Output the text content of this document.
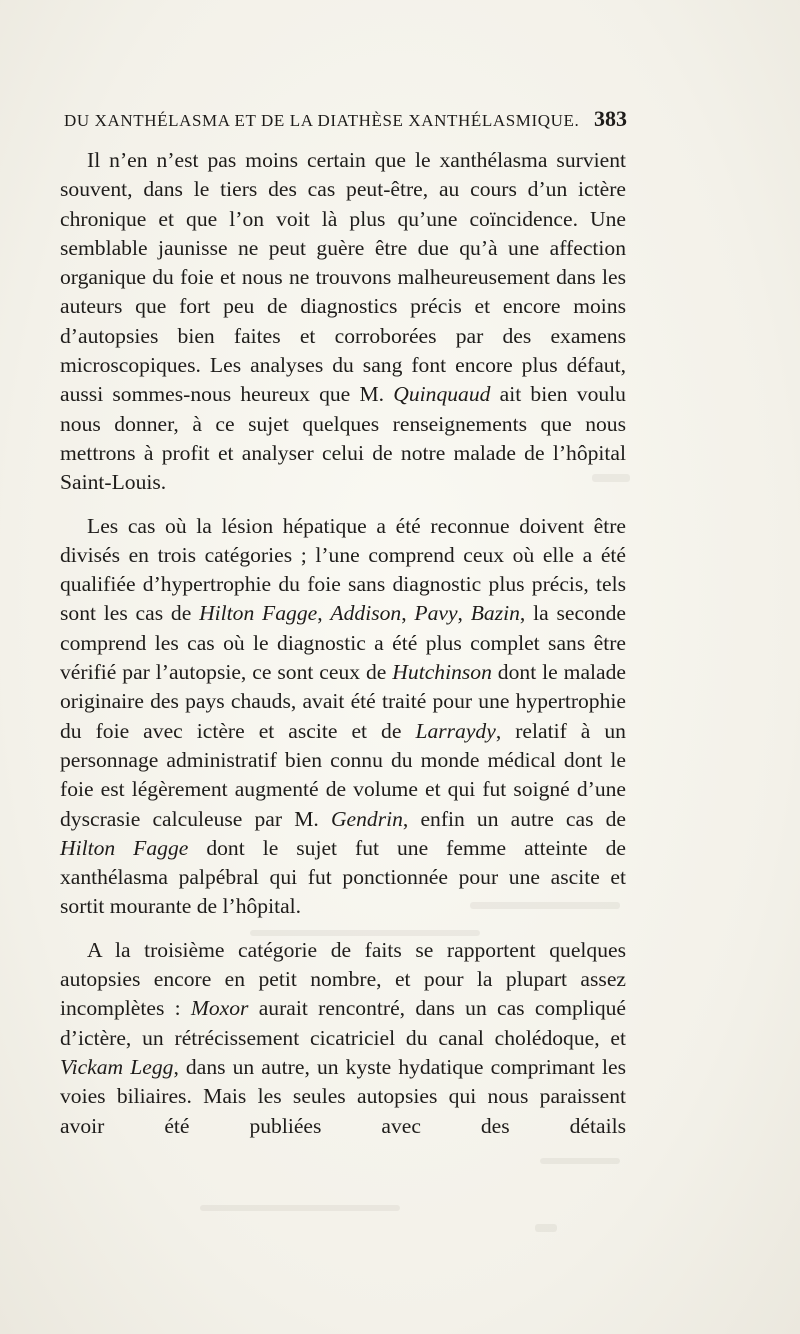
DU XANTHÉLASMA ET DE LA DIATHÈSE XANTHÉLASMIQUE. 383

Il n’en n’est pas moins certain que le xanthélasma survient souvent, dans le tiers des cas peut-être, au cours d’un ictère chronique et que l’on voit là plus qu’une coïncidence. Une semblable jaunisse ne peut guère être due qu’à une affection organique du foie et nous ne trouvons malheureusement dans les auteurs que fort peu de diagnostics précis et encore moins d’autopsies bien faites et corroborées par des examens microscopiques. Les analyses du sang font encore plus défaut, aussi sommes-nous heureux que M. Quinquaud ait bien voulu nous donner, à ce sujet quelques renseignements que nous mettrons à profit et analyser celui de notre malade de l’hôpital Saint-Louis.

Les cas où la lésion hépatique a été reconnue doivent être divisés en trois catégories ; l’une comprend ceux où elle a été qualifiée d’hypertrophie du foie sans diagnostic plus précis, tels sont les cas de Hilton Fagge, Addison, Pavy, Bazin, la seconde comprend les cas où le diagnostic a été plus complet sans être vérifié par l’autopsie, ce sont ceux de Hutchinson dont le malade originaire des pays chauds, avait été traité pour une hypertrophie du foie avec ictère et ascite et de Larraydy, relatif à un personnage administratif bien connu du monde médical dont le foie est légèrement augmenté de volume et qui fut soigné d’une dyscrasie calculeuse par M. Gendrin, enfin un autre cas de Hilton Fagge dont le sujet fut une femme atteinte de xanthélasma palpébral qui fut ponctionnée pour une ascite et sortit mourante de l’hôpital.

A la troisième catégorie de faits se rapportent quelques autopsies encore en petit nombre, et pour la plupart assez incomplètes : Moxor aurait rencontré, dans un cas compliqué d’ictère, un rétrécissement cicatriciel du canal cholédoque, et Vickam Legg, dans un autre, un kyste hydatique comprimant les voies biliaires. Mais les seules autopsies qui nous paraissent avoir été publiées avec des détails
